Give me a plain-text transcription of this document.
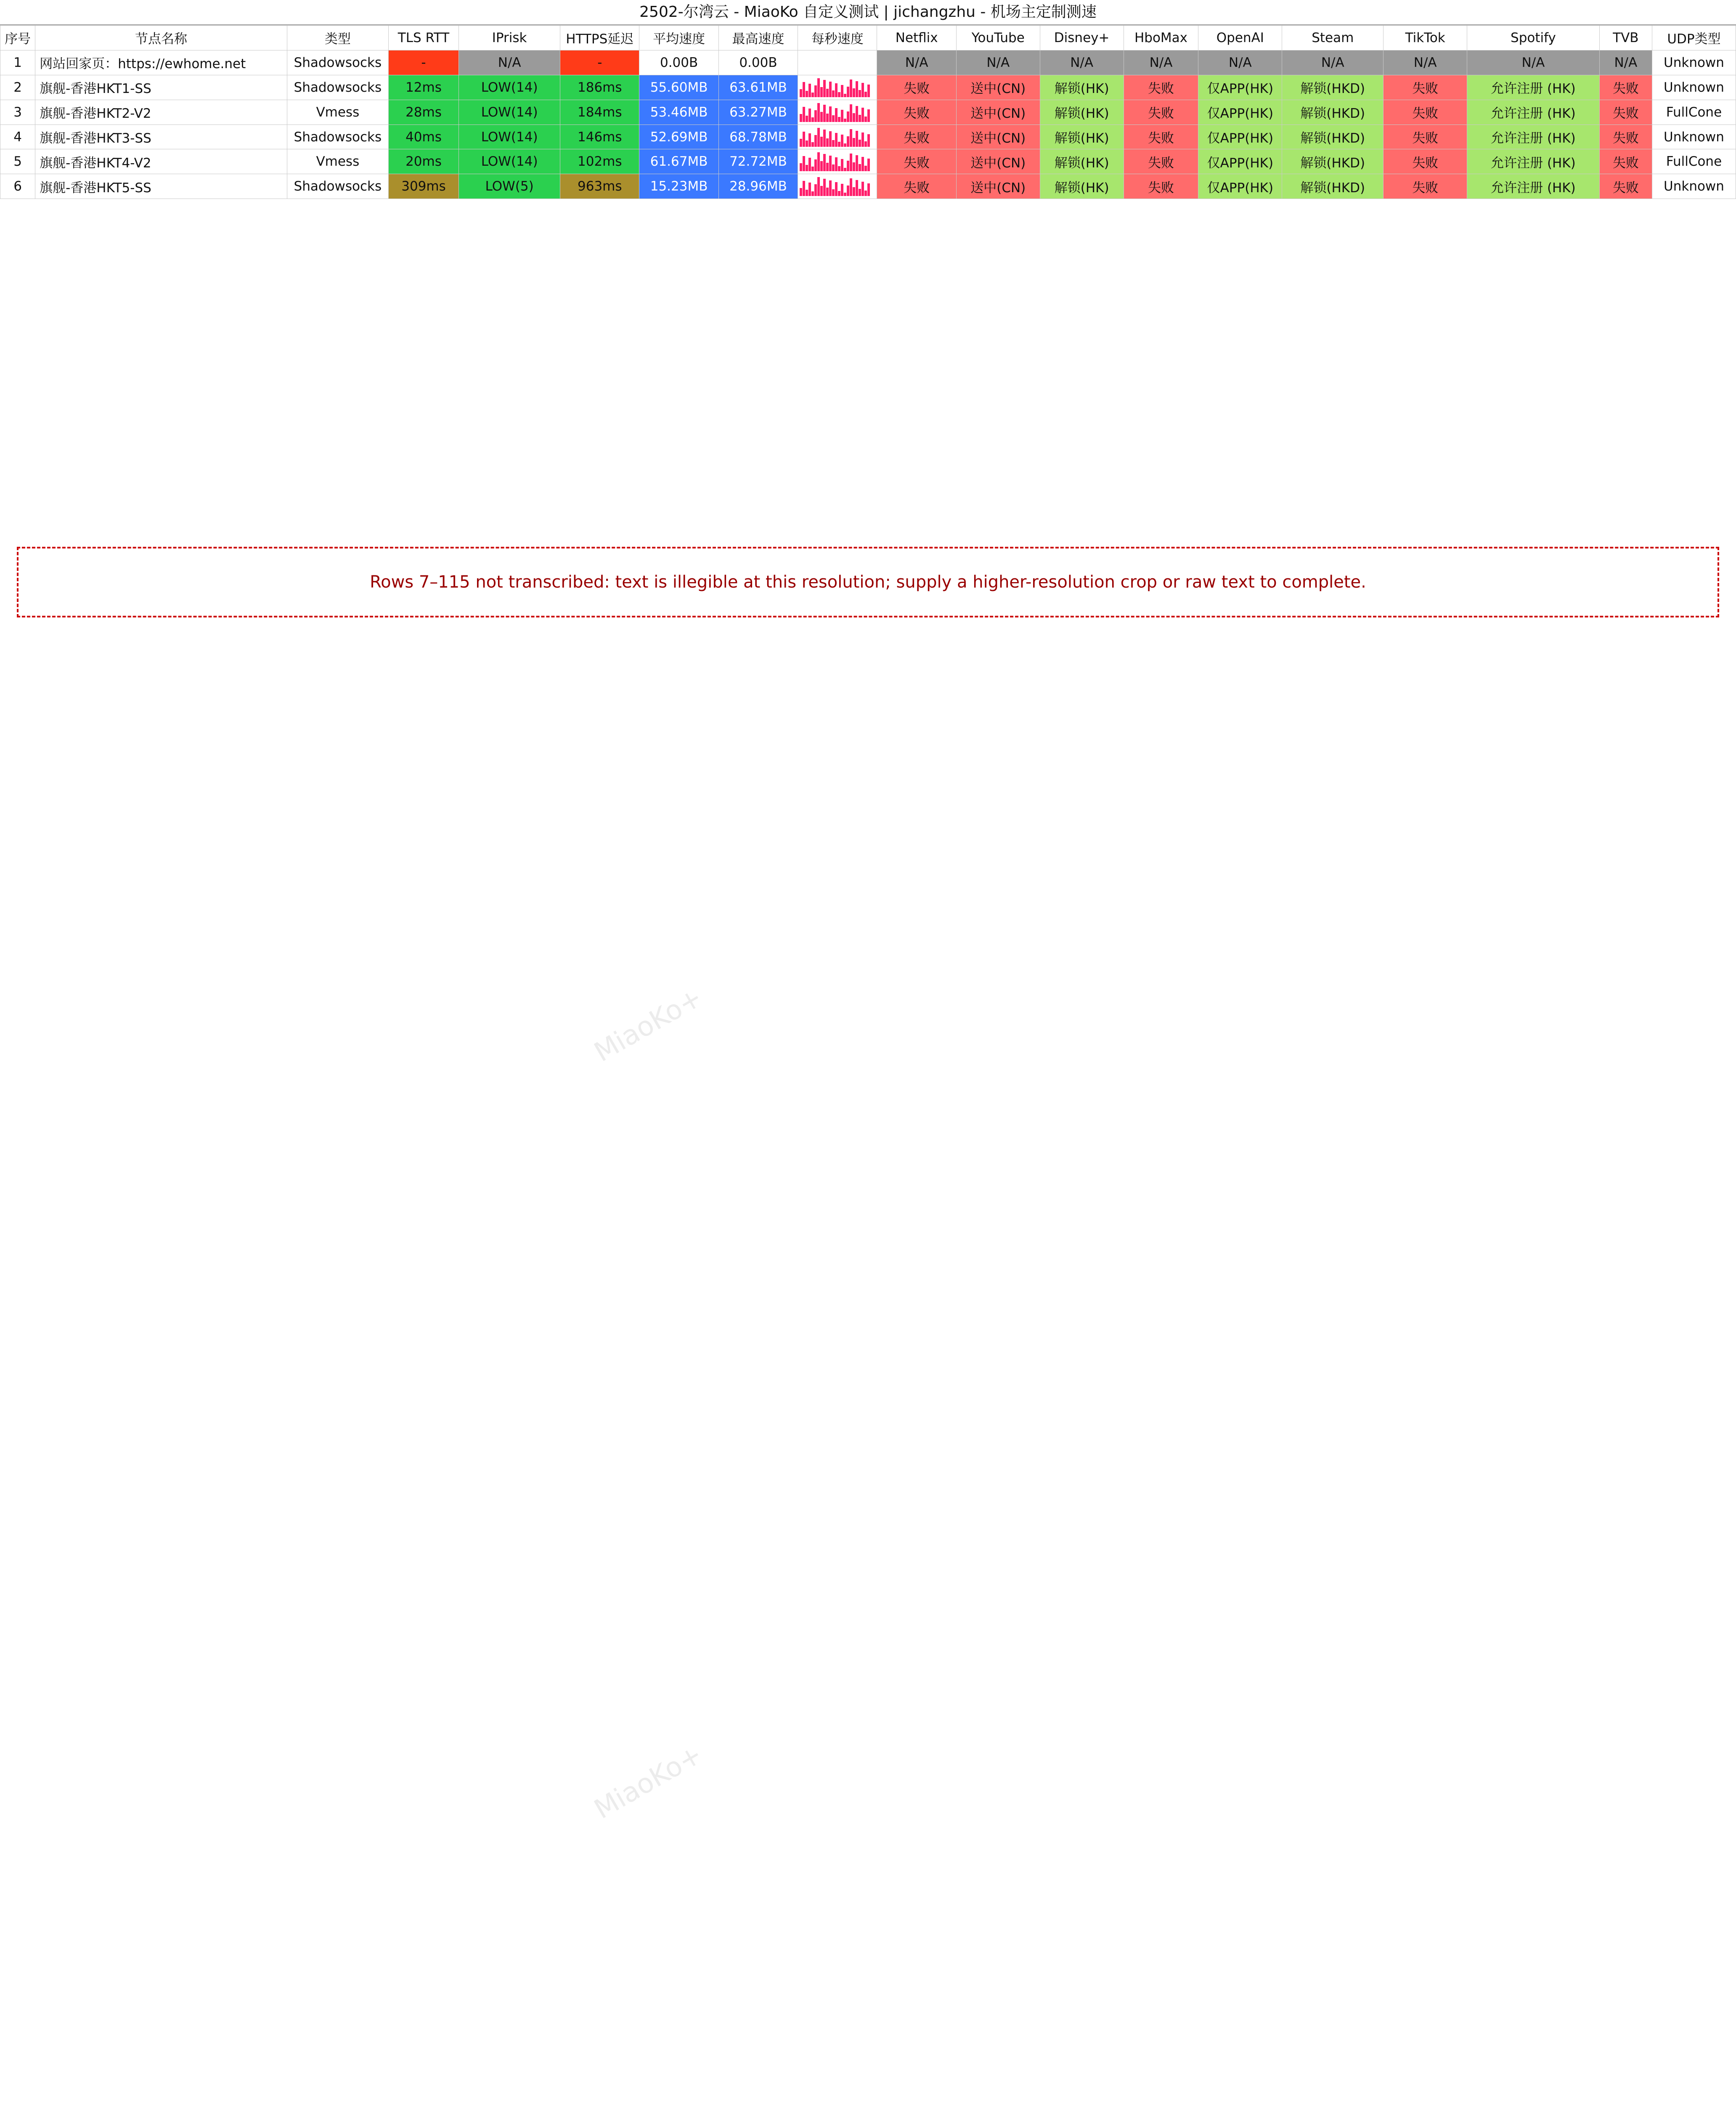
2502-尔湾云 - MiaoKo 自定义测试 | jichangzhu - 机场主定制测速
序号	节点名称	类型	TLS RTT	IPrisk	HTTPS延迟	平均速度	最高速度	每秒速度	Netflix	YouTube	Disney+	HboMax	OpenAI	Steam	TikTok	Spotify	TVB	UDP类型
1	网站回家页：https://ewhome.net	Shadowsocks	-	N/A	-	0.00B	0.00B		N/A	N/A	N/A	N/A	N/A	N/A	N/A	N/A	N/A	Unknown
2	旗舰-香港HKT1-SS	Shadowsocks	12ms	LOW(14)	186ms	55.60MB	63.61MB		失败	送中(CN)	解锁(HK)	失败	仅APP(HK)	解锁(HKD)	失败	允许注册 (HK)	失败	Unknown
3	旗舰-香港HKT2-V2	Vmess	28ms	LOW(14)	184ms	53.46MB	63.27MB		失败	送中(CN)	解锁(HK)	失败	仅APP(HK)	解锁(HKD)	失败	允许注册 (HK)	失败	FullCone
4	旗舰-香港HKT3-SS	Shadowsocks	40ms	LOW(14)	146ms	52.69MB	68.78MB		失败	送中(CN)	解锁(HK)	失败	仅APP(HK)	解锁(HKD)	失败	允许注册 (HK)	失败	Unknown
5	旗舰-香港HKT4-V2	Vmess	20ms	LOW(14)	102ms	61.67MB	72.72MB		失败	送中(CN)	解锁(HK)	失败	仅APP(HK)	解锁(HKD)	失败	允许注册 (HK)	失败	FullCone
6	旗舰-香港HKT5-SS	Shadowsocks	309ms	LOW(5)	963ms	15.23MB	28.96MB		失败	送中(CN)	解锁(HK)	失败	仅APP(HK)	解锁(HKD)	失败	允许注册 (HK)	失败	Unknown
Rows 7–115 not transcribed: text is illegible at this resolution; supply a higher-resolution crop or raw text to complete.
MiaoKo+
MiaoKo+
